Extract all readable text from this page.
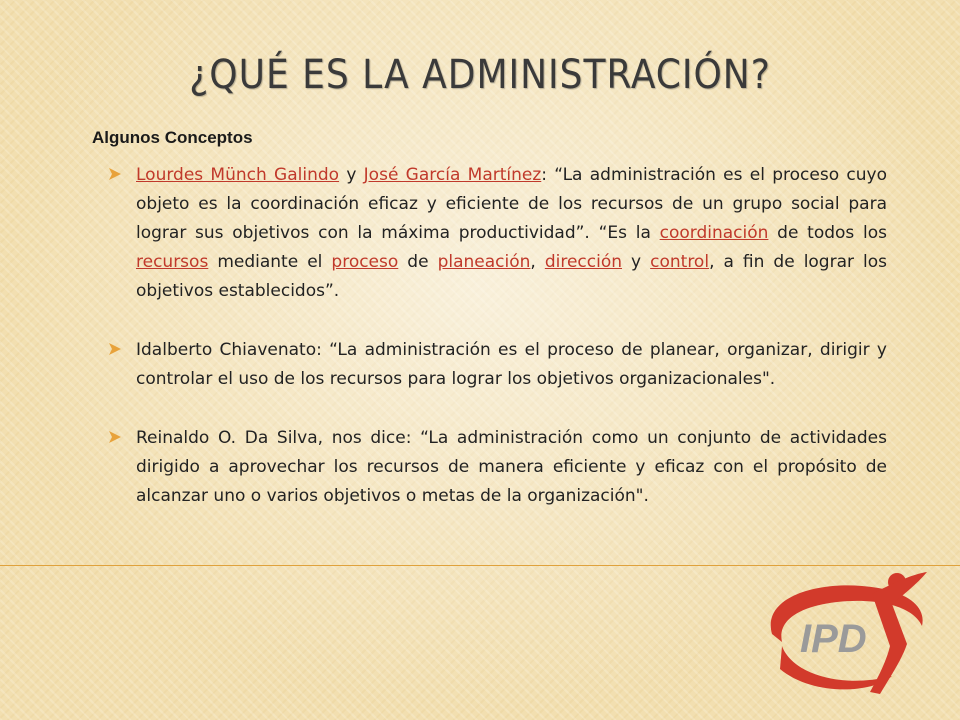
¿QUÉ ES LA ADMINISTRACIÓN?
Algunos Conceptos

Lourdes Münch Galindo y José García Martínez: “La administración es el proceso cuyo objeto es la coordinación eficaz y eficiente de los recursos de un grupo social para lograr sus objetivos con la máxima productividad”. “Es la coordinación de todos los recursos mediante el proceso de planeación, dirección y control, a fin de lograr los objetivos establecidos”.

Idalberto Chiavenato: “La administración es el proceso de planear, organizar, dirigir y controlar el uso de los recursos para lograr los objetivos organizacionales".

Reinaldo O. Da Silva, nos dice: “La administración como un conjunto de actividades dirigido a aprovechar los recursos de manera eficiente y eficaz con el propósito de alcanzar uno o varios objetivos o metas de la organización".

IPD
